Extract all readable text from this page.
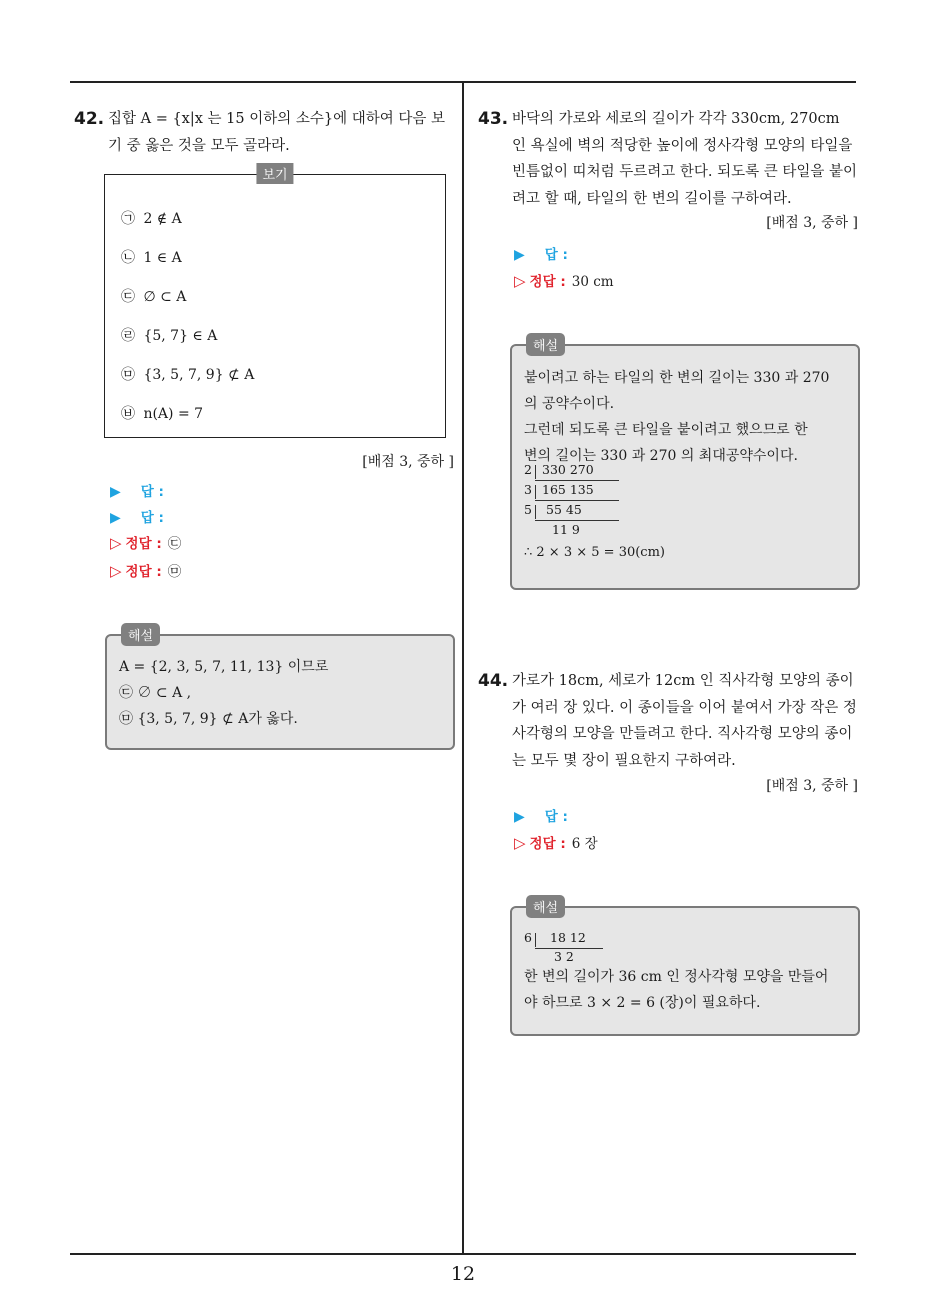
12
42. 집합 A = {x|x 는 15 이하의 소수}에 대하여 다음 보기 중 옳은 것을 모두 골라라.
보기
㉠ 2 ∉ A
㉡ 1 ∈ A
㉢ ∅ ⊂ A
㉣ {5, 7} ∈ A
㉤ {3, 5, 7, 9} ⊄ A
㉥ n(A) = 7
[배점 3, 중하 ]
▶ 답 :
▶ 답 :
▷ 정답 : ㉢
▷ 정답 : ㉤
해설
A = {2, 3, 5, 7, 11, 13} 이므로
㉢ ∅ ⊂ A ,
㉤ {3, 5, 7, 9} ⊄ A가 옳다.
43. 바닥의 가로와 세로의 길이가 각각 330cm, 270cm 인 욕실에 벽의 적당한 높이에 정사각형 모양의 타일을 빈틈없이 띠처럼 두르려고 한다. 되도록 큰 타일을 붙이려고 할 때, 타일의 한 변의 길이를 구하여라.
[배점 3, 중하 ]
▶ 답 :
▷ 정답 : 30 cm
해설
붙이려고 하는 타일의 한 변의 길이는 330 과 270
의 공약수이다.
그런데 되도록 큰 타일을 붙이려고 했으므로 한
변의 길이는 330 과 270 의 최대공약수이다.
2 330 270
3 165 135
5 55 45
11 9
∴ 2 × 3 × 5 = 30(cm)
44. 가로가 18cm, 세로가 12cm 인 직사각형 모양의 종이가 여러 장 있다. 이 종이들을 이어 붙여서 가장 작은 정사각형의 모양을 만들려고 한다. 직사각형 모양의 종이는 모두 몇 장이 필요한지 구하여라.
[배점 3, 중하 ]
▶ 답 :
▷ 정답 : 6 장
해설
6 18 12
3 2
한 변의 길이가 36 cm 인 정사각형 모양을 만들어
야 하므로 3 × 2 = 6 (장)이 필요하다.
